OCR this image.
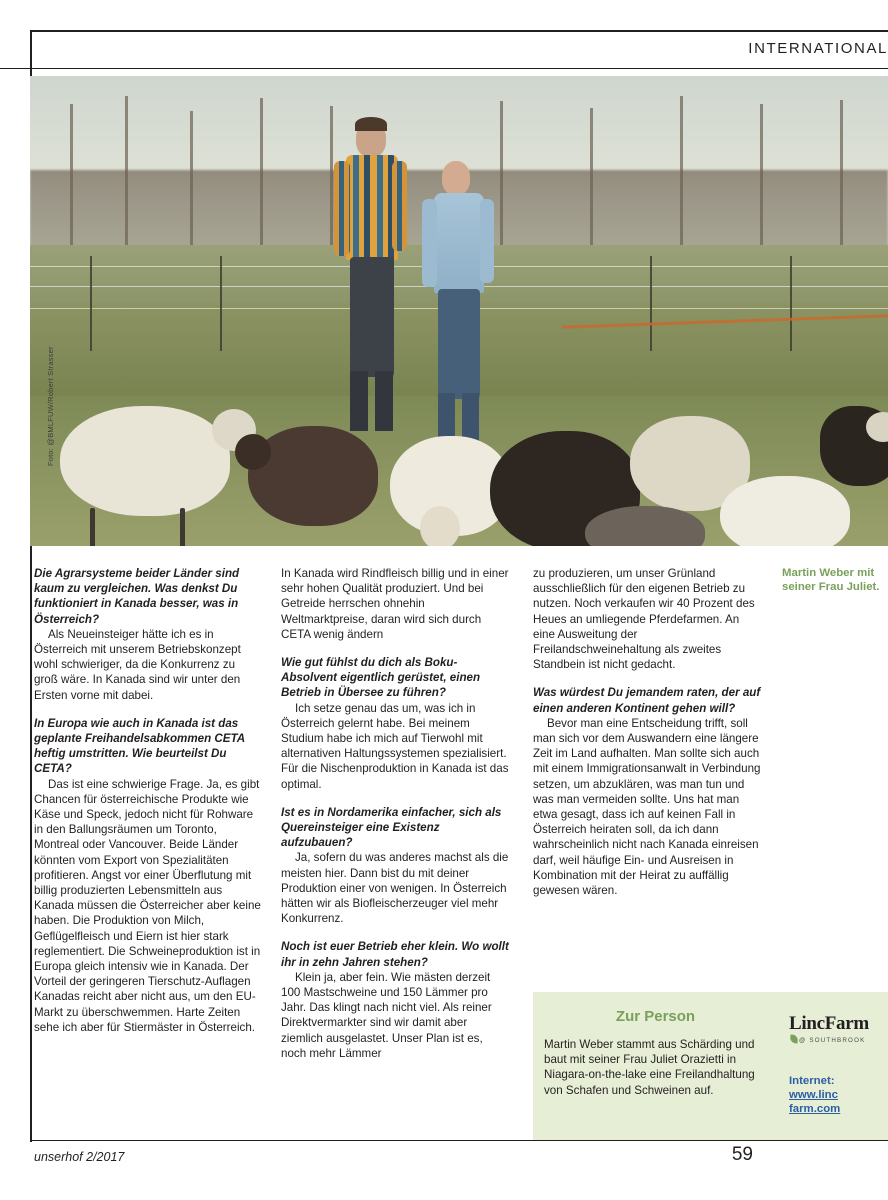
INTERNATIONAL
Foto: @BMLFUW/Robert Strasser

Die Agrarsysteme beider Länder sind kaum zu vergleichen. Was denkst Du funktioniert in Kanada besser, was in Österreich?

Als Neueinsteiger hätte ich es in Österreich mit unserem Betriebskonzept wohl schwieriger, da die Konkurrenz zu groß wäre. In Kanada sind wir unter den Ersten vorne mit dabei.

In Europa wie auch in Kanada ist das geplante Freihandelsabkommen CETA heftig umstritten. Wie beurteilst Du CETA?

Das ist eine schwierige Frage. Ja, es gibt Chancen für österreichische Produkte wie Käse und Speck, jedoch nicht für Rohware in den Ballungsräumen um Toronto, Montreal oder Vancouver. Beide Länder könnten vom Export von Spezialitäten profitieren. Angst vor einer Überflutung mit billig produzierten Lebensmitteln aus Kanada müssen die Österreicher aber keine haben. Die Produktion von Milch, Geflügelfleisch und Eiern ist hier stark reglementiert. Die Schweineproduktion ist in Europa gleich intensiv wie in Kanada. Der Vorteil der geringeren Tierschutz-Auflagen Kanadas reicht aber nicht aus, um den EU-Markt zu überschwemmen. Harte Zeiten sehe ich aber für Stiermäster in Österreich.

In Kanada wird Rindfleisch billig und in einer sehr hohen Qualität produziert. Und bei Getreide herrschen ohnehin Weltmarktpreise, daran wird sich durch CETA wenig ändern

Wie gut fühlst du dich als Boku-Absolvent eigentlich gerüstet, einen Betrieb in Übersee zu führen?

Ich setze genau das um, was ich in Österreich gelernt habe. Bei meinem Studium habe ich mich auf Tierwohl mit alternativen Haltungssystemen spezialisiert. Für die Nischenproduktion in Kanada ist das optimal.

Ist es in Nordamerika einfacher, sich als Quereinsteiger eine Existenz aufzubauen?

Ja, sofern du was anderes machst als die meisten hier. Dann bist du mit deiner Produktion einer von wenigen. In Österreich hätten wir als Biofleischerzeuger viel mehr Konkurrenz.

Noch ist euer Betrieb eher klein. Wo wollt ihr in zehn Jahren stehen?

Klein ja, aber fein. Wie mästen derzeit 100 Mastschweine und 150 Lämmer pro Jahr. Das klingt nach nicht viel. Als reiner Direktvermarkter sind wir damit aber ziemlich ausgelastet. Unser Plan ist es, noch mehr Lämmer

zu produzieren, um unser Grünland ausschließlich für den eigenen Betrieb zu nutzen. Noch verkaufen wir 40 Prozent des Heues an umliegende Pferdefarmen. An eine Ausweitung der Freilandschweinehaltung als zweites Standbein ist nicht gedacht.

Was würdest Du jemandem raten, der auf einen anderen Kontinent gehen will?

Bevor man eine Entscheidung trifft, soll man sich vor dem Auswandern eine längere Zeit im Land aufhalten. Man sollte sich auch mit einem Immigrationsanwalt in Verbindung setzen, um abzuklären, was man tun und was man vermeiden sollte. Uns hat man etwa gesagt, dass ich auf keinen Fall in Österreich heiraten soll, da ich dann wahrscheinlich nicht nach Kanada einreisen darf, weil häufige Ein- und Ausreisen in Kombination mit der Heirat zu auffällig gewesen wären.

Martin Weber mit seiner Frau Juliet.
Zur Person
Martin Weber stammt aus Schärding und baut mit seiner Frau Juliet Orazietti in Niagara-on-the-lake eine Freilandhaltung von Schafen und Schweinen auf.
LincFarm
@ SOUTHBROOK
Internet:
www.linc
farm.com
unserhof 2/2017	59
